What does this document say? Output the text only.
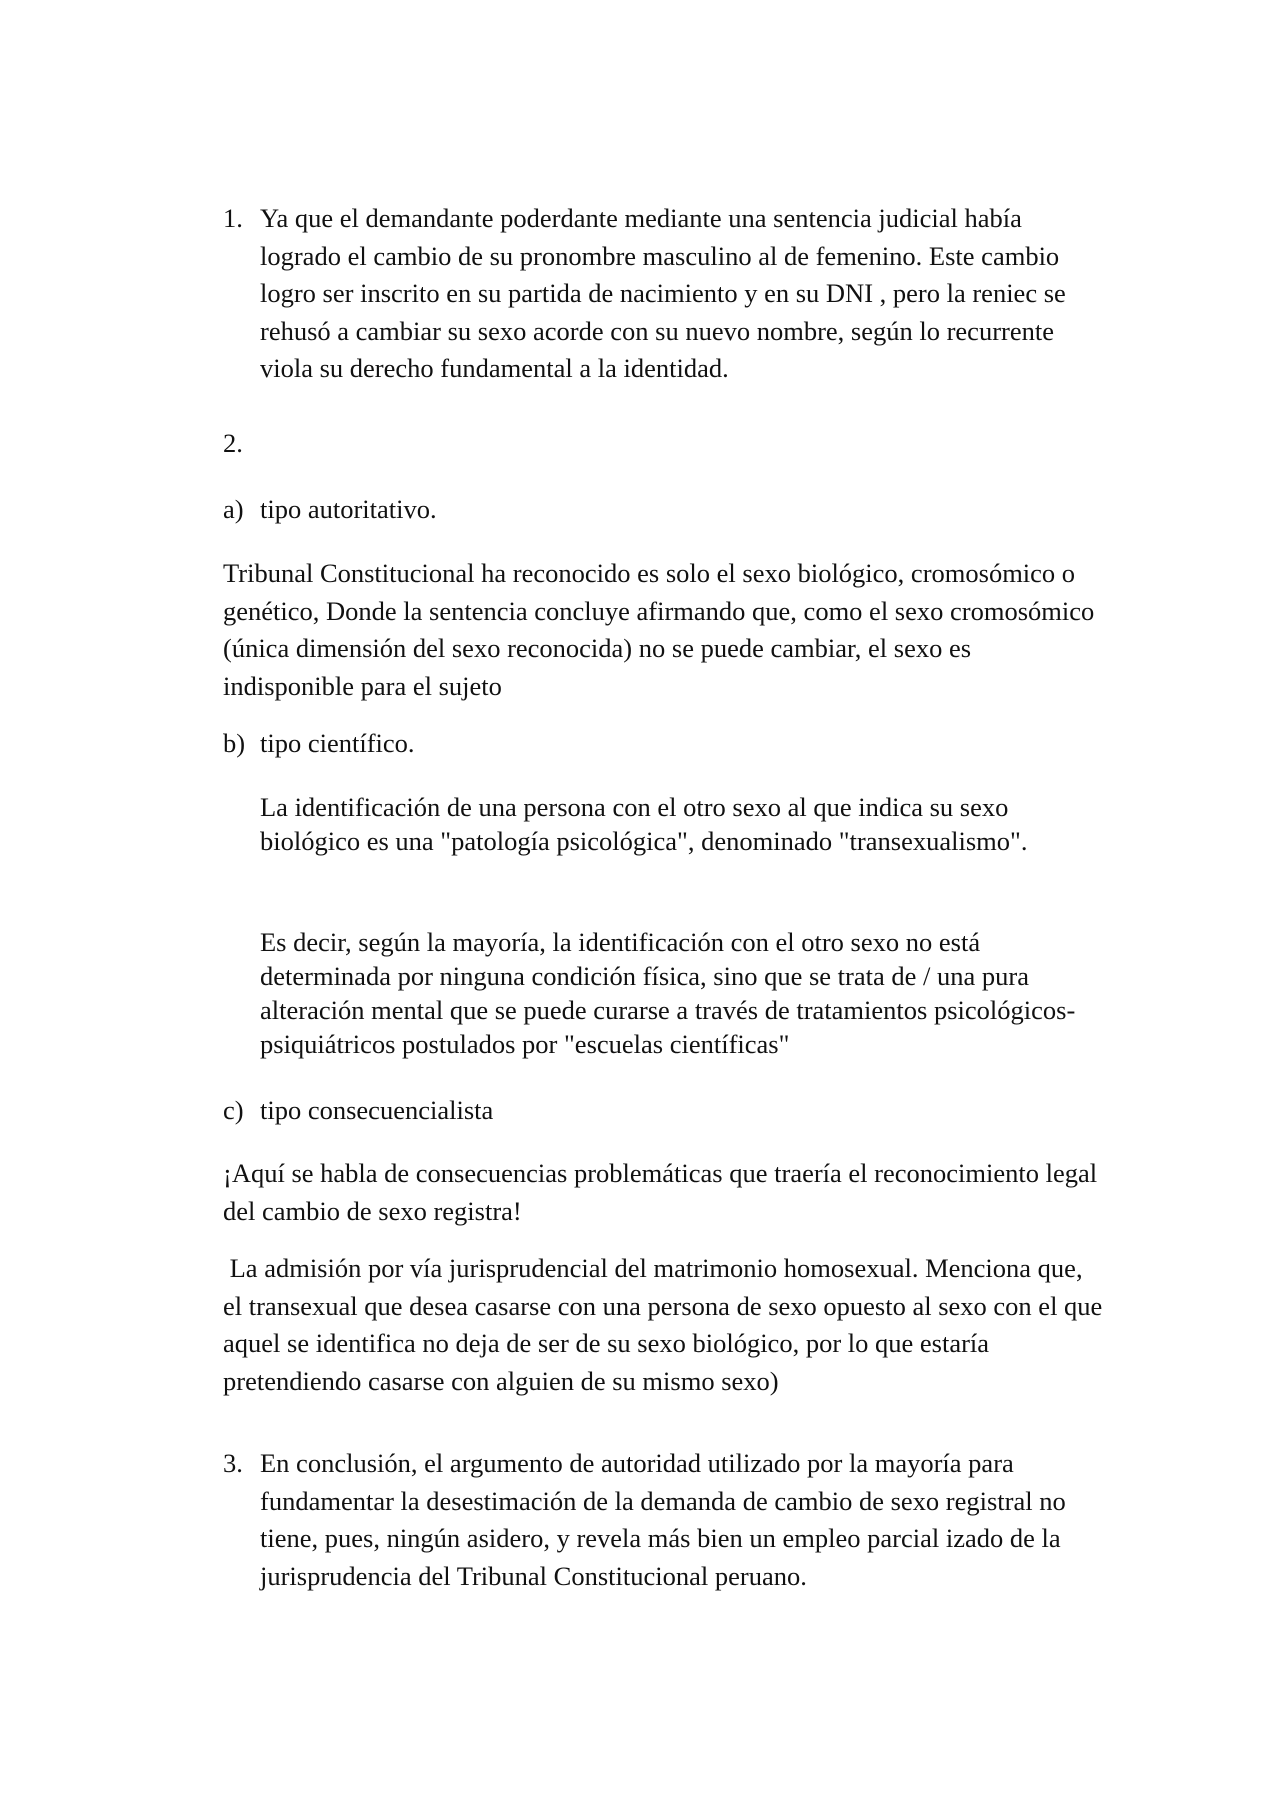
1. Ya que el demandante poderdante mediante una sentencia judicial había logrado el cambio de su pronombre masculino al de femenino. Este cambio logro ser inscrito en su partida de nacimiento y en su DNI , pero la reniec se rehusó a cambiar su sexo acorde con su nuevo nombre, según lo recurrente viola su derecho fundamental a la identidad.
2.
a) tipo autoritativo.

Tribunal Constitucional ha reconocido es solo el sexo biológico, cromosómico o genético, Donde la sentencia concluye afirmando que, como el sexo cromosómico (única dimensión del sexo reconocida) no se puede cambiar, el sexo es indisponible para el sujeto

b) tipo científico.

La identificación de una persona con el otro sexo al que indica su sexo biológico es una "patología psicológica", denominado "transexualismo".

Es decir, según la mayoría, la identificación con el otro sexo no está determinada por ninguna condición física, sino que se trata de / una pura alteración mental que se puede curarse a través de tratamientos psicológicos-psiquiátricos postulados por "escuelas científicas"

c) tipo consecuencialista

¡Aquí se habla de consecuencias problemáticas que traería el reconocimiento legal del cambio de sexo registra!

La admisión por vía jurisprudencial del matrimonio homosexual. Menciona que, el transexual que desea casarse con una persona de sexo opuesto al sexo con el que aquel se identifica no deja de ser de su sexo biológico, por lo que estaría pretendiendo casarse con alguien de su mismo sexo)

3. En conclusión, el argumento de autoridad utilizado por la mayoría para fundamentar la desestimación de la demanda de cambio de sexo registral no tiene, pues, ningún asidero, y revela más bien un empleo parcial izado de la jurisprudencia del Tribunal Constitucional peruano.
